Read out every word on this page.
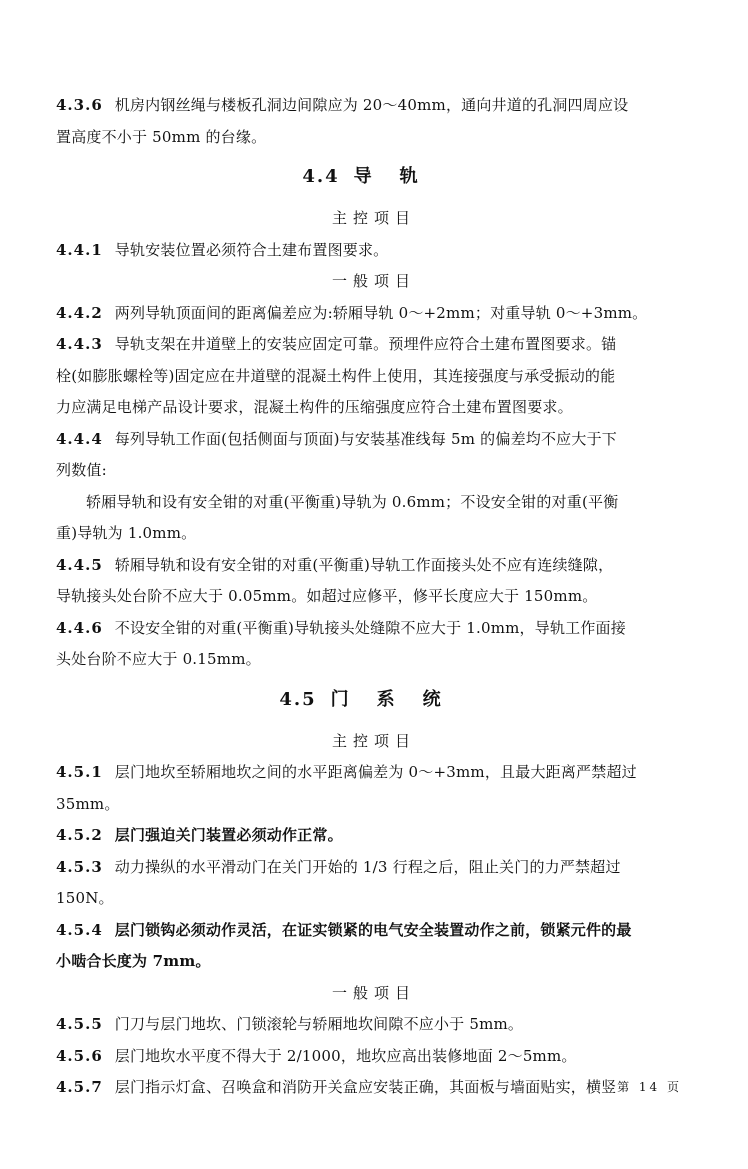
4.3.6 机房内钢丝绳与楼板孔洞边间隙应为 20～40mm，通向井道的孔洞四周应设
置高度不小于 50mm 的台缘。
4.4 导轨
主控项目
4.4.1 导轨安装位置必须符合土建布置图要求。
一般项目
4.4.2 两列导轨顶面间的距离偏差应为:轿厢导轨 0～+2mm；对重导轨 0～+3mm。
4.4.3 导轨支架在井道壁上的安装应固定可靠。预埋件应符合土建布置图要求。锚
栓(如膨胀螺栓等)固定应在井道壁的混凝土构件上使用，其连接强度与承受振动的能
力应满足电梯产品设计要求，混凝土构件的压缩强度应符合土建布置图要求。
4.4.4 每列导轨工作面(包括侧面与顶面)与安装基准线每 5m 的偏差均不应大于下
列数值:
轿厢导轨和设有安全钳的对重(平衡重)导轨为 0.6mm；不设安全钳的对重(平衡
重)导轨为 1.0mm。
4.4.5 轿厢导轨和设有安全钳的对重(平衡重)导轨工作面接头处不应有连续缝隙，
导轨接头处台阶不应大于 0.05mm。如超过应修平，修平长度应大于 150mm。
4.4.6 不设安全钳的对重(平衡重)导轨接头处缝隙不应大于 1.0mm，导轨工作面接
头处台阶不应大于 0.15mm。
4.5 门系统
主控项目
4.5.1 层门地坎至轿厢地坎之间的水平距离偏差为 0～+3mm，且最大距离严禁超过
35mm。
4.5.2 层门强迫关门装置必须动作正常。
4.5.3 动力操纵的水平滑动门在关门开始的 1/3 行程之后，阻止关门的力严禁超过
150N。
4.5.4 层门锁钩必须动作灵活，在证实锁紧的电气安全装置动作之前，锁紧元件的最
小啮合长度为 7mm。
一般项目
4.5.5 门刀与层门地坎、门锁滚轮与轿厢地坎间隙不应小于 5mm。
4.5.6 层门地坎水平度不得大于 2/1000，地坎应高出装修地面 2～5mm。
4.5.7 层门指示灯盒、召唤盒和消防开关盒应安装正确，其面板与墙面贴实，横竖 第 14 页
